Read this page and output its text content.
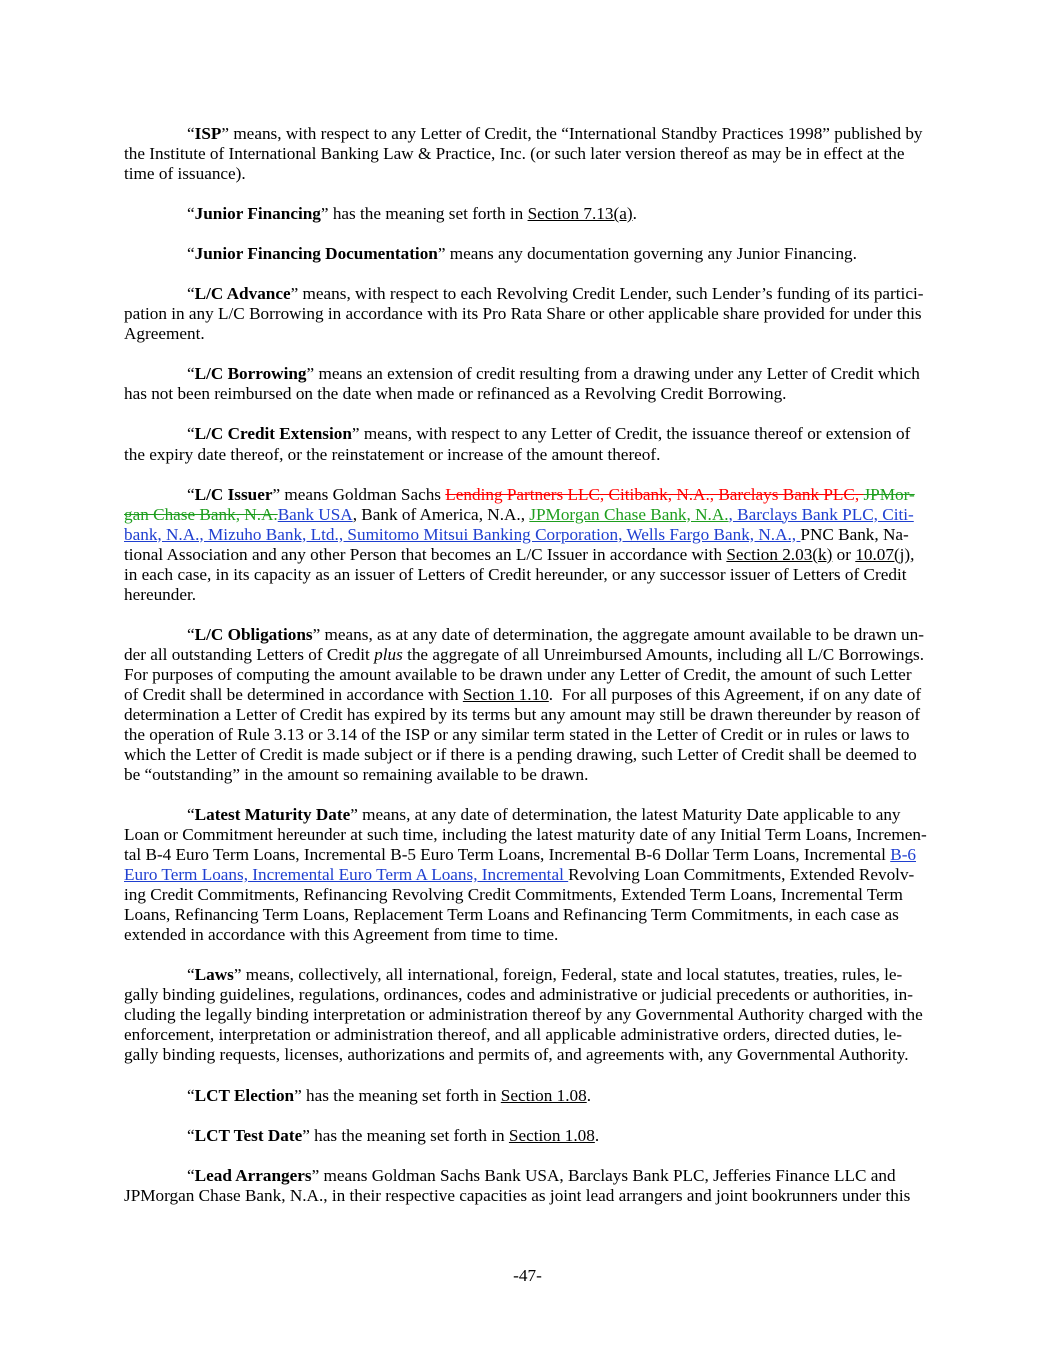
“ISP” means, with respect to any Letter of Credit, the “International Standby Practices 1998” published by
the Institute of International Banking Law & Practice, Inc. (or such later version thereof as may be in effect at the
time of issuance).
“Junior Financing” has the meaning set forth in Section 7.13(a).
“Junior Financing Documentation” means any documentation governing any Junior Financing.
“L/C Advance” means, with respect to each Revolving Credit Lender, such Lender’s funding of its partici-
pation in any L/C Borrowing in accordance with its Pro Rata Share or other applicable share provided for under this
Agreement.
“L/C Borrowing” means an extension of credit resulting from a drawing under any Letter of Credit which
has not been reimbursed on the date when made or refinanced as a Revolving Credit Borrowing.
“L/C Credit Extension” means, with respect to any Letter of Credit, the issuance thereof or extension of
the expiry date thereof, or the reinstatement or increase of the amount thereof.
“L/C Issuer” means Goldman Sachs Lending Partners LLC, Citibank, N.A., Barclays Bank PLC, JPMor-
gan Chase Bank, N.A.Bank USA, Bank of America, N.A., JPMorgan Chase Bank, N.A., Barclays Bank PLC, Citi-
bank, N.A., Mizuho Bank, Ltd., Sumitomo Mitsui Banking Corporation, Wells Fargo Bank, N.A., PNC Bank, Na-
tional Association and any other Person that becomes an L/C Issuer in accordance with Section 2.03(k) or 10.07(j),
in each case, in its capacity as an issuer of Letters of Credit hereunder, or any successor issuer of Letters of Credit
hereunder.
“L/C Obligations” means, as at any date of determination, the aggregate amount available to be drawn un-
der all outstanding Letters of Credit plus the aggregate of all Unreimbursed Amounts, including all L/C Borrowings.
For purposes of computing the amount available to be drawn under any Letter of Credit, the amount of such Letter
of Credit shall be determined in accordance with Section 1.10.  For all purposes of this Agreement, if on any date of
determination a Letter of Credit has expired by its terms but any amount may still be drawn thereunder by reason of
the operation of Rule 3.13 or 3.14 of the ISP or any similar term stated in the Letter of Credit or in rules or laws to
which the Letter of Credit is made subject or if there is a pending drawing, such Letter of Credit shall be deemed to
be “outstanding” in the amount so remaining available to be drawn.
“Latest Maturity Date” means, at any date of determination, the latest Maturity Date applicable to any
Loan or Commitment hereunder at such time, including the latest maturity date of any Initial Term Loans, Incremen-
tal B-4 Euro Term Loans, Incremental B-5 Euro Term Loans, Incremental B-6 Dollar Term Loans, Incremental B-6
Euro Term Loans, Incremental Euro Term A Loans, Incremental Revolving Loan Commitments, Extended Revolv-
ing Credit Commitments, Refinancing Revolving Credit Commitments, Extended Term Loans, Incremental Term
Loans, Refinancing Term Loans, Replacement Term Loans and Refinancing Term Commitments, in each case as
extended in accordance with this Agreement from time to time.
“Laws” means, collectively, all international, foreign, Federal, state and local statutes, treaties, rules, le-
gally binding guidelines, regulations, ordinances, codes and administrative or judicial precedents or authorities, in-
cluding the legally binding interpretation or administration thereof by any Governmental Authority charged with the
enforcement, interpretation or administration thereof, and all applicable administrative orders, directed duties, le-
gally binding requests, licenses, authorizations and permits of, and agreements with, any Governmental Authority.
“LCT Election” has the meaning set forth in Section 1.08.
“LCT Test Date” has the meaning set forth in Section 1.08.
“Lead Arrangers” means Goldman Sachs Bank USA, Barclays Bank PLC, Jefferies Finance LLC and
JPMorgan Chase Bank, N.A., in their respective capacities as joint lead arrangers and joint bookrunners under this
-47-
